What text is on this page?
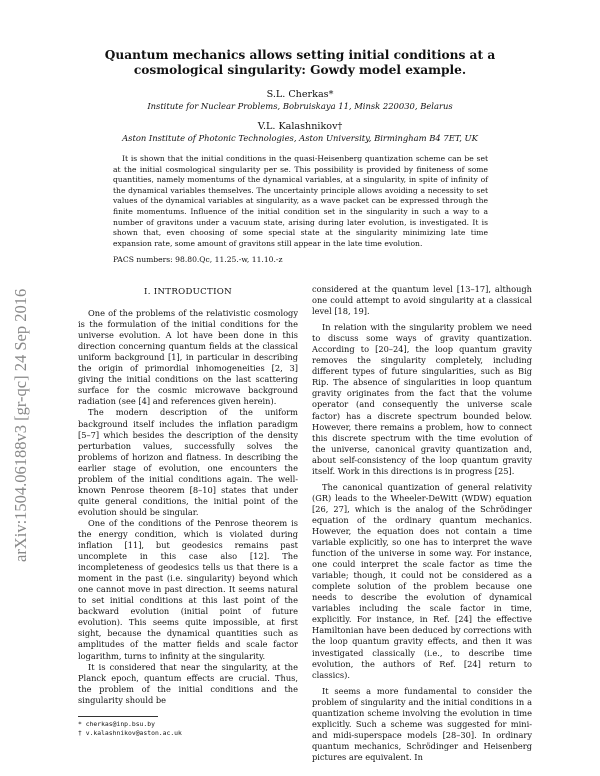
arXiv:1504.06188v3 [gr-qc] 24 Sep 2016
Quantum mechanics allows setting initial conditions at a cosmological singularity: Gowdy model example.
S.L. Cherkas*
Institute for Nuclear Problems, Bobruiskaya 11, Minsk 220030, Belarus
V.L. Kalashnikov†
Aston Institute of Photonic Technologies, Aston University, Birmingham B4 7ET, UK
It is shown that the initial conditions in the quasi-Heisenberg quantization scheme can be set at the initial cosmological singularity per se. This possibility is provided by finiteness of some quantities, namely momentums of the dynamical variables, at a singularity, in spite of infinity of the dynamical variables themselves. The uncertainty principle allows avoiding a necessity to set values of the dynamical variables at singularity, as a wave packet can be expressed through the finite momentums. Influence of the initial condition set in the singularity in such a way to a number of gravitons under a vacuum state, arising during later evolution, is investigated. It is shown that, even choosing of some special state at the singularity minimizing late time expansion rate, some amount of gravitons still appear in the late time evolution.
PACS numbers: 98.80.Qc, 11.25.-w, 11.10.-z
I. INTRODUCTION

One of the problems of the relativistic cosmology is the formulation of the initial conditions for the universe evolution. A lot have been done in this direction concerning quantum fields at the classical uniform background [1], in particular in describing the origin of primordial inhomogeneities [2, 3] giving the initial conditions on the last scattering surface for the cosmic microwave background radiation (see [4] and references given herein).

The modern description of the uniform background itself includes the inflation paradigm [5–7] which besides the description of the density perturbation values, successfully solves the problems of horizon and flatness. In describing the earlier stage of evolution, one encounters the problem of the initial conditions again. The well-known Penrose theorem [8–10] states that under quite general conditions, the initial point of the evolution should be singular.

One of the conditions of the Penrose theorem is the energy condition, which is violated during inflation [11], but geodesics remains past uncomplete in this case also [12]. The incompleteness of geodesics tells us that there is a moment in the past (i.e. singularity) beyond which one cannot move in past direction. It seems natural to set initial conditions at this last point of the backward evolution (initial point of future evolution). This seems quite impossible, at first sight, because the dynamical quantities such as amplitudes of the matter fields and scale factor logarithm, turns to infinity at the singularity.

It is considered that near the singularity, at the Planck epoch, quantum effects are crucial. Thus, the problem of the initial conditions and the singularity should be

considered at the quantum level [13–17], although one could attempt to avoid singularity at a classical level [18, 19].

In relation with the singularity problem we need to discuss some ways of gravity quantization. According to [20–24], the loop quantum gravity removes the singularity completely, including different types of future singularities, such as Big Rip. The absence of singularities in loop quantum gravity originates from the fact that the volume operator (and consequently the universe scale factor) has a discrete spectrum bounded below. However, there remains a problem, how to connect this discrete spectrum with the time evolution of the universe, canonical gravity quantization and, about self-consistency of the loop quantum gravity itself. Work in this directions is in progress [25].

The canonical quantization of general relativity (GR) leads to the Wheeler-DeWitt (WDW) equation [26, 27], which is the analog of the Schrödinger equation of the ordinary quantum mechanics. However, the equation does not contain a time variable explicitly, so one has to interpret the wave function of the universe in some way. For instance, one could interpret the scale factor as time the variable; though, it could not be considered as a complete solution of the problem because one needs to describe the evolution of dynamical variables including the scale factor in time, explicitly. For instance, in Ref. [24] the effective Hamiltonian have been deduced by corrections with the loop quantum gravity effects, and then it was investigated classically (i.e., to describe time evolution, the authors of Ref. [24] return to classics).

It seems a more fundamental to consider the problem of singularity and the initial conditions in a quantization scheme involving the evolution in time explicitly. Such a scheme was suggested for mini- and midi-superspace models [28–30]. In ordinary quantum mechanics, Schrödinger and Heisenberg pictures are equivalent. In

* cherkas@inp.bsu.by
† v.kalashnikov@aston.ac.uk
